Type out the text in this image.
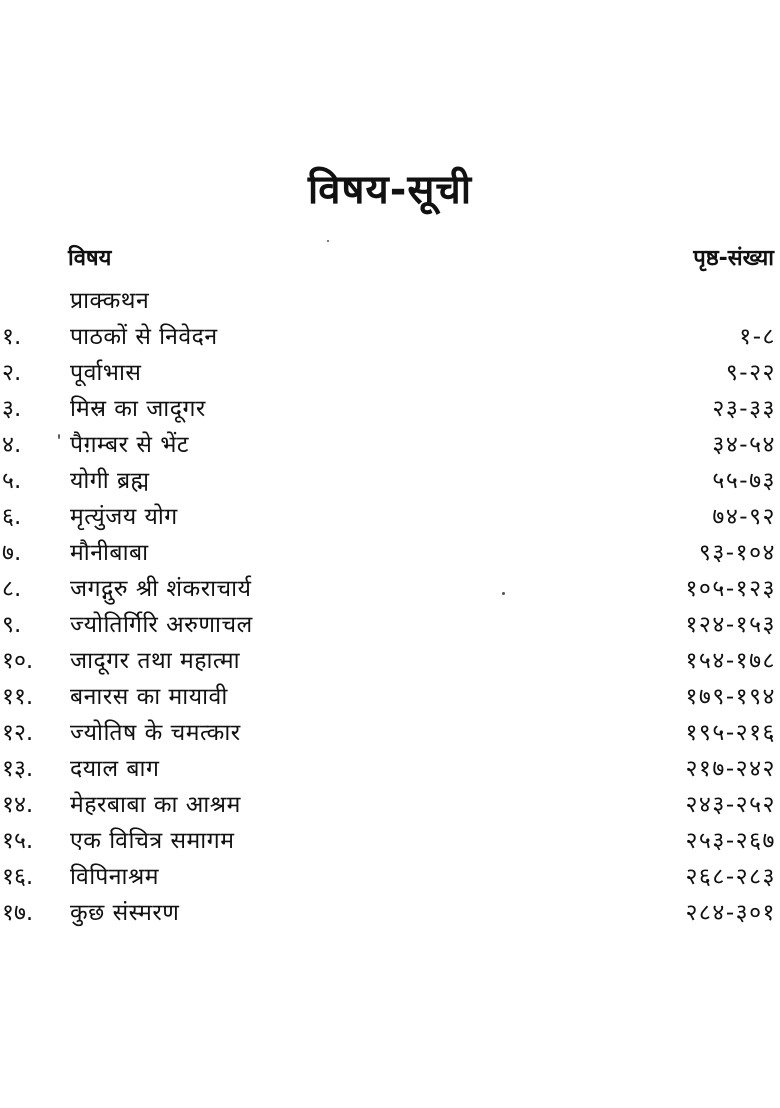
विषय-सूची
विषय	पृष्ठ-संख्या
प्राक्कथन
१.	पाठकों से निवेदन	१-८
२.	पूर्वाभास	९-२२
३.	मिस्र का जादूगर	२३-३३
४.	पैग़म्बर से भेंट	३४-५४
५.	योगी ब्रह्म	५५-७३
६.	मृत्युंजय योग	७४-९२
७.	मौनीबाबा	९३-१०४
८.	जगद्गुरु श्री शंकराचार्य	१०५-१२३
९.	ज्योतिर्गिरि अरुणाचल	१२४-१५३
१०.	जादूगर तथा महात्मा	१५४-१७८
११.	बनारस का मायावी	१७९-१९४
१२.	ज्योतिष के चमत्कार	१९५-२१६
१३.	दयाल बाग	२१७-२४२
१४.	मेहरबाबा का आश्रम	२४३-२५२
१५.	एक विचित्र समागम	२५३-२६७
१६.	विपिनाश्रम	२६८-२८३
१७.	कुछ संस्मरण	२८४-३०१
